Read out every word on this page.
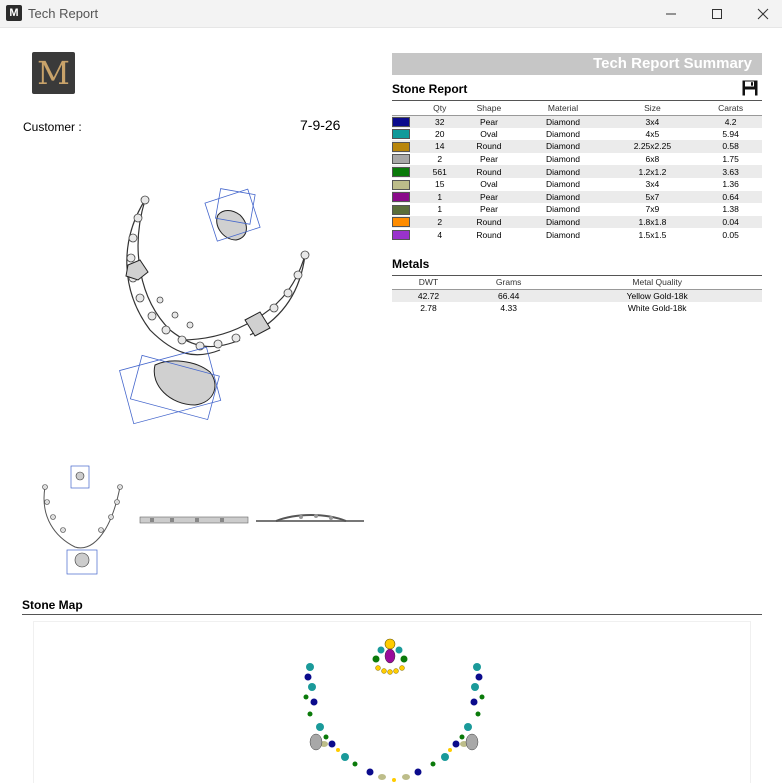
M Tech Report
M
Customer :	7-9-26
Tech Report Summary
Stone Report
	Qty	Shape	Material	Size	Carats
	32	Pear	Diamond	3x4	4.2
	20	Oval	Diamond	4x5	5.94
	14	Round	Diamond	2.25x2.25	0.58
	2	Pear	Diamond	6x8	1.75
	561	Round	Diamond	1.2x1.2	3.63
	15	Oval	Diamond	3x4	1.36
	1	Pear	Diamond	5x7	0.64
	1	Pear	Diamond	7x9	1.38
	2	Round	Diamond	1.8x1.8	0.04
	4	Round	Diamond	1.5x1.5	0.05
Metals
DWT	Grams	Metal Quality
42.72	66.44	Yellow Gold-18k
2.78	4.33	White Gold-18k
Stone Map
